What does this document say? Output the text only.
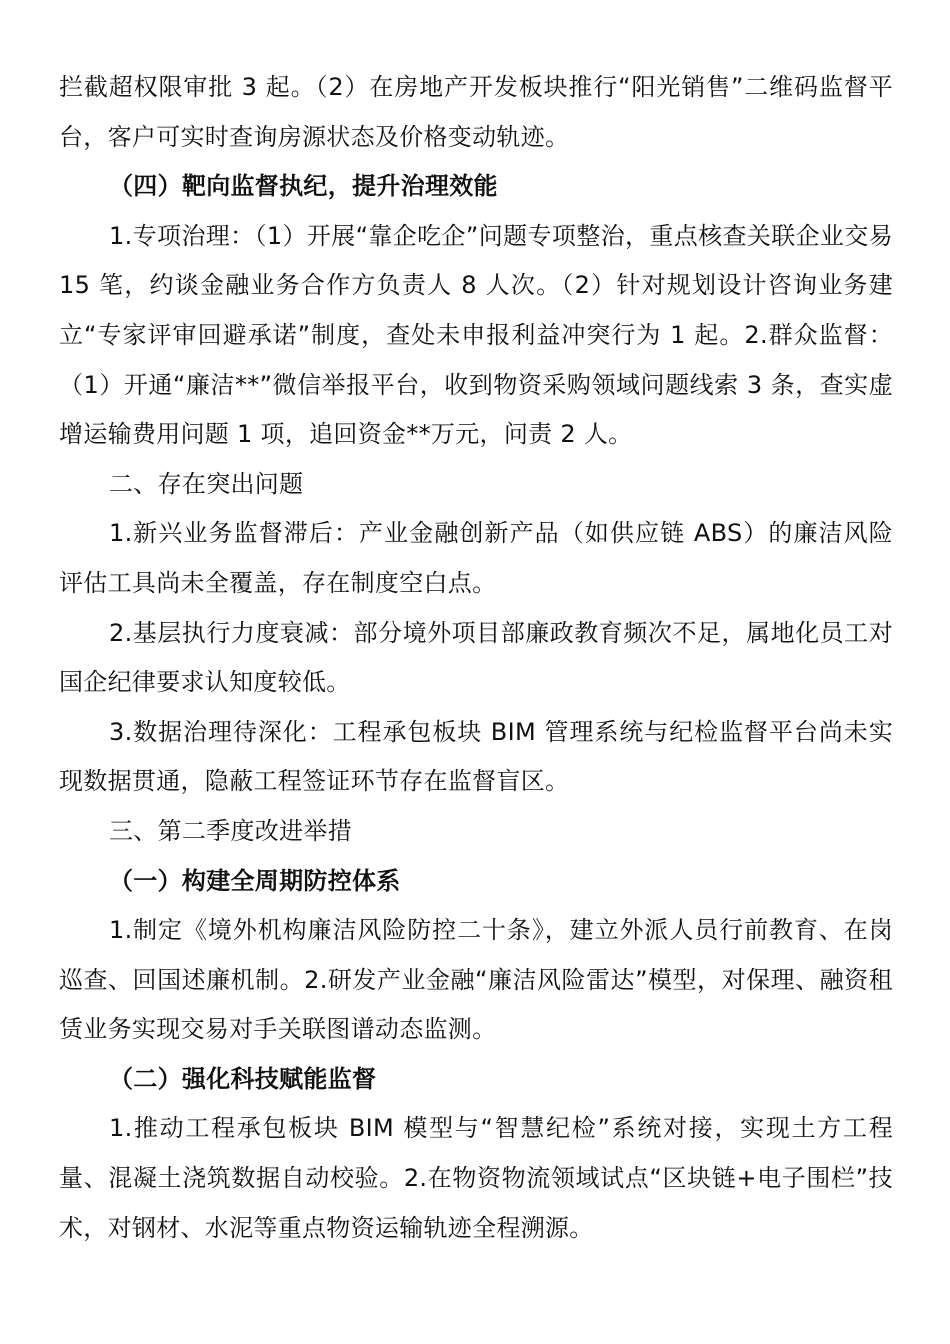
拦截超权限审批 3 起。（2）在房地产开发板块推行“阳光销售”二维码监督平台，客户可实时查询房源状态及价格变动轨迹。

（四）靶向监督执纪，提升治理效能

1.专项治理：（1）开展“靠企吃企”问题专项整治，重点核查关联企业交易 15 笔，约谈金融业务合作方负责人 8 人次。（2）针对规划设计咨询业务建立“专家评审回避承诺”制度，查处未申报利益冲突行为 1 起。2.群众监督：（1）开通“廉洁**”微信举报平台，收到物资采购领域问题线索 3 条，查实虚增运输费用问题 1 项，追回资金**万元，问责 2 人。

二、存在突出问题

1.新兴业务监督滞后：产业金融创新产品（如供应链 ABS）的廉洁风险评估工具尚未全覆盖，存在制度空白点。

2.基层执行力度衰减：部分境外项目部廉政教育频次不足，属地化员工对国企纪律要求认知度较低。

3.数据治理待深化：工程承包板块 BIM 管理系统与纪检监督平台尚未实现数据贯通，隐蔽工程签证环节存在监督盲区。

三、第二季度改进举措

（一）构建全周期防控体系

1.制定《境外机构廉洁风险防控二十条》，建立外派人员行前教育、在岗巡查、回国述廉机制。2.研发产业金融“廉洁风险雷达”模型，对保理、融资租赁业务实现交易对手关联图谱动态监测。

（二）强化科技赋能监督

1.推动工程承包板块 BIM 模型与“智慧纪检”系统对接，实现土方工程量、混凝土浇筑数据自动校验。2.在物资物流领域试点“区块链+电子围栏”技术，对钢材、水泥等重点物资运输轨迹全程溯源。
